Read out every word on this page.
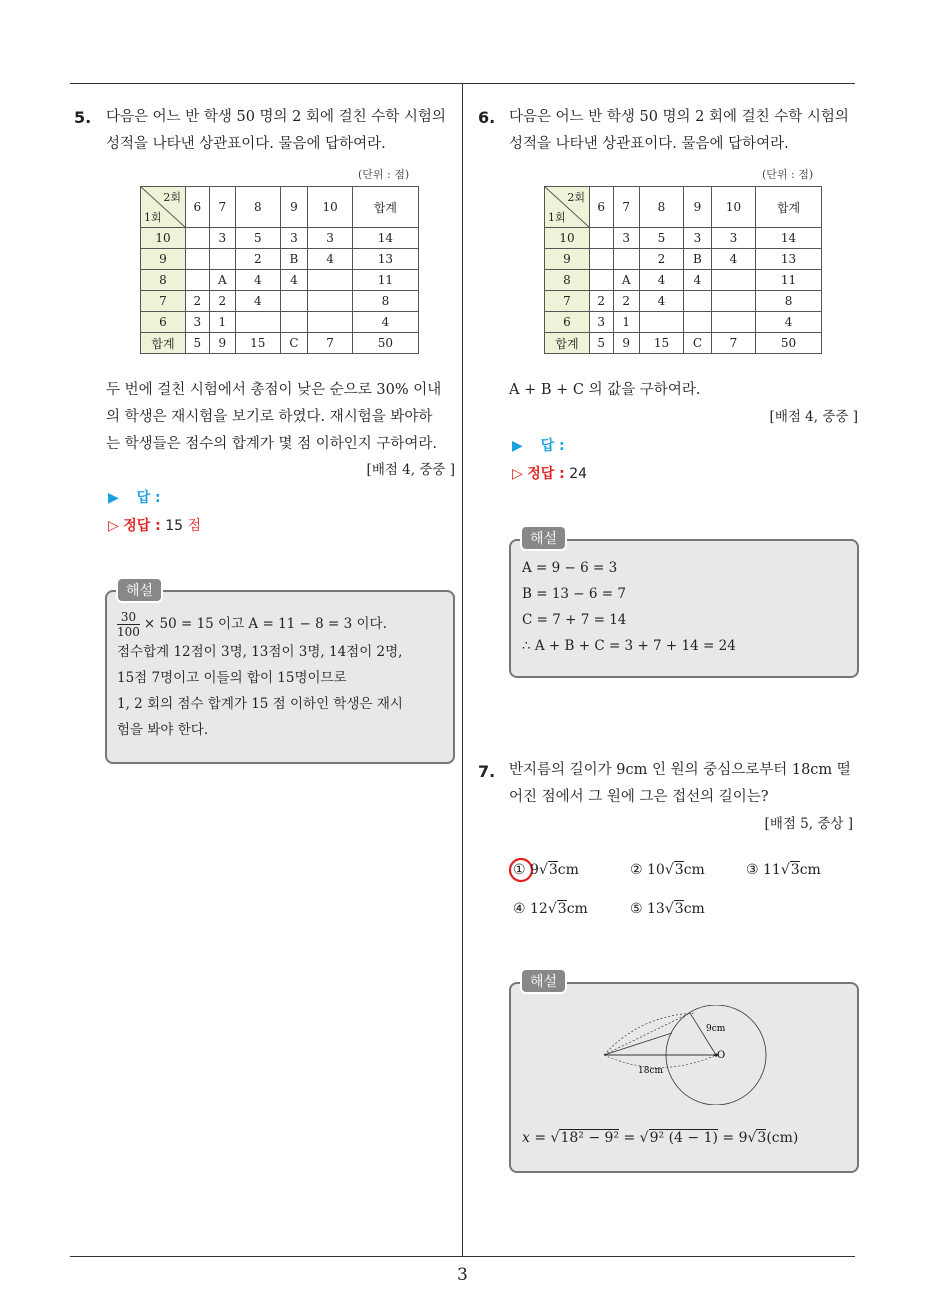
5. 다음은 어느 반 학생 50 명의 2 회에 걸친 수학 시험의
성적을 나타낸 상관표이다. 물음에 답하여라.
(단위 : 점)
2회
1회	6	7	8	9	10	합계
10		3	5	3	3	14
9			2	B	4	13
8		A	4	4		11
7	2	2	4			8
6	3	1				4
합계	5	9	15	C	7	50
두 번에 걸친 시험에서 총점이 낮은 순으로 30% 이내
의 학생은 재시험을 보기로 하였다. 재시험을 봐야하
는 학생들은 점수의 합계가 몇 점 이하인지 구하여라.
[배점 4, 중중 ]
▶ 답 :
▷ 정답 : 15 점
해설
$\frac{30}{100} \times 50 = 15$ 이고 A = 11 − 8 = 3 이다.
점수합계 12점이 3명, 13점이 3명, 14점이 2명,
15점 7명이고 이들의 합이 15명이므로
1, 2 회의 점수 합계가 15 점 이하인 학생은 재시
험을 봐야 한다.
6. 다음은 어느 반 학생 50 명의 2 회에 걸친 수학 시험의
성적을 나타낸 상관표이다. 물음에 답하여라.
(단위 : 점)
2회
1회	6	7	8	9	10	합계
10		3	5	3	3	14
9			2	B	4	13
8		A	4	4		11
7	2	2	4			8
6	3	1				4
합계	5	9	15	C	7	50
A + B + C 의 값을 구하여라.
[배점 4, 중중 ]
▶ 답 :
▷ 정답 : 24
해설
A = 9 − 6 = 3
B = 13 − 6 = 7
C = 7 + 7 = 14
∴ A + B + C = 3 + 7 + 14 = 24
7. 반지름의 길이가 9cm 인 원의 중심으로부터 18cm 떨
어진 점에서 그 원에 그은 접선의 길이는?
[배점 5, 중상 ]
① 9√3cm	② 10√3cm	③ 11√3cm
④ 12√3cm	⑤ 13√3cm
해설
9cm
O
18cm
x = √18² − 9² = √9² (4 − 1) = 9√3(cm)
3
